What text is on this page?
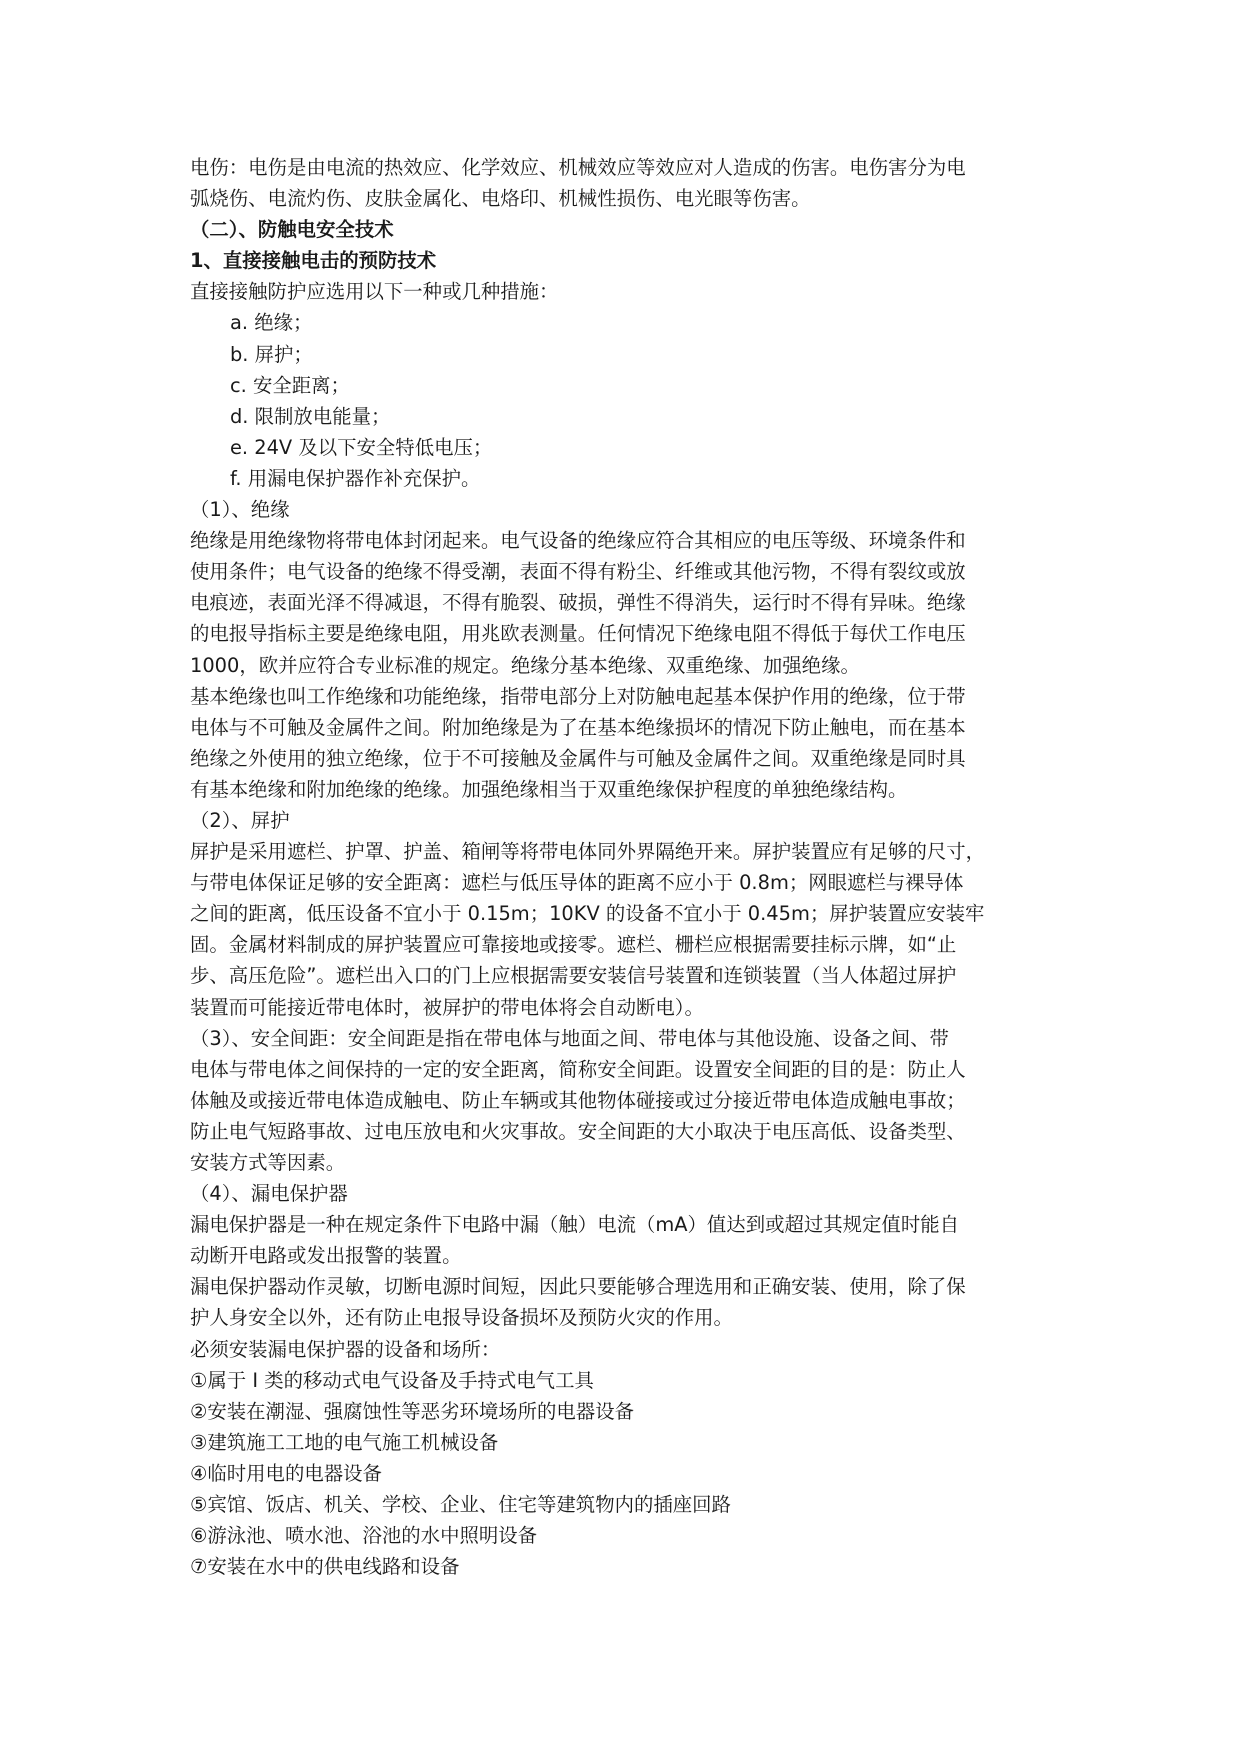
电伤：电伤是由电流的热效应、化学效应、机械效应等效应对人造成的伤害。电伤害分为电
弧烧伤、电流灼伤、皮肤金属化、电烙印、机械性损伤、电光眼等伤害。
（二）、防触电安全技术
1、直接接触电击的预防技术
直接接触防护应选用以下一种或几种措施：
a. 绝缘；
b. 屏护；
c. 安全距离；
d. 限制放电能量；
e. 24V 及以下安全特低电压；
f. 用漏电保护器作补充保护。
（1）、绝缘
绝缘是用绝缘物将带电体封闭起来。电气设备的绝缘应符合其相应的电压等级、环境条件和
使用条件；电气设备的绝缘不得受潮，表面不得有粉尘、纤维或其他污物，不得有裂纹或放
电痕迹，表面光泽不得减退，不得有脆裂、破损，弹性不得消失，运行时不得有异味。绝缘
的电报导指标主要是绝缘电阻，用兆欧表测量。任何情况下绝缘电阻不得低于每伏工作电压
1000，欧并应符合专业标准的规定。绝缘分基本绝缘、双重绝缘、加强绝缘。
基本绝缘也叫工作绝缘和功能绝缘，指带电部分上对防触电起基本保护作用的绝缘，位于带
电体与不可触及金属件之间。附加绝缘是为了在基本绝缘损坏的情况下防止触电，而在基本
绝缘之外使用的独立绝缘，位于不可接触及金属件与可触及金属件之间。双重绝缘是同时具
有基本绝缘和附加绝缘的绝缘。加强绝缘相当于双重绝缘保护程度的单独绝缘结构。
（2）、屏护
屏护是采用遮栏、护罩、护盖、箱闸等将带电体同外界隔绝开来。屏护装置应有足够的尺寸，
与带电体保证足够的安全距离：遮栏与低压导体的距离不应小于 0.8m；网眼遮栏与裸导体
之间的距离，低压设备不宜小于 0.15m；10KV 的设备不宜小于 0.45m；屏护装置应安装牢
固。金属材料制成的屏护装置应可靠接地或接零。遮栏、栅栏应根据需要挂标示牌，如“止
步、高压危险”。遮栏出入口的门上应根据需要安装信号装置和连锁装置（当人体超过屏护
装置而可能接近带电体时，被屏护的带电体将会自动断电）。
（3）、安全间距：安全间距是指在带电体与地面之间、带电体与其他设施、设备之间、带
电体与带电体之间保持的一定的安全距离，简称安全间距。设置安全间距的目的是：防止人
体触及或接近带电体造成触电、防止车辆或其他物体碰接或过分接近带电体造成触电事故；
防止电气短路事故、过电压放电和火灾事故。安全间距的大小取决于电压高低、设备类型、
安装方式等因素。
（4）、漏电保护器
漏电保护器是一种在规定条件下电路中漏（触）电流（mA）值达到或超过其规定值时能自
动断开电路或发出报警的装置。
漏电保护器动作灵敏，切断电源时间短，因此只要能够合理选用和正确安装、使用，除了保
护人身安全以外，还有防止电报导设备损坏及预防火灾的作用。
必须安装漏电保护器的设备和场所：
①属于 I 类的移动式电气设备及手持式电气工具
②安装在潮湿、强腐蚀性等恶劣环境场所的电器设备
③建筑施工工地的电气施工机械设备
④临时用电的电器设备
⑤宾馆、饭店、机关、学校、企业、住宅等建筑物内的插座回路
⑥游泳池、喷水池、浴池的水中照明设备
⑦安装在水中的供电线路和设备
